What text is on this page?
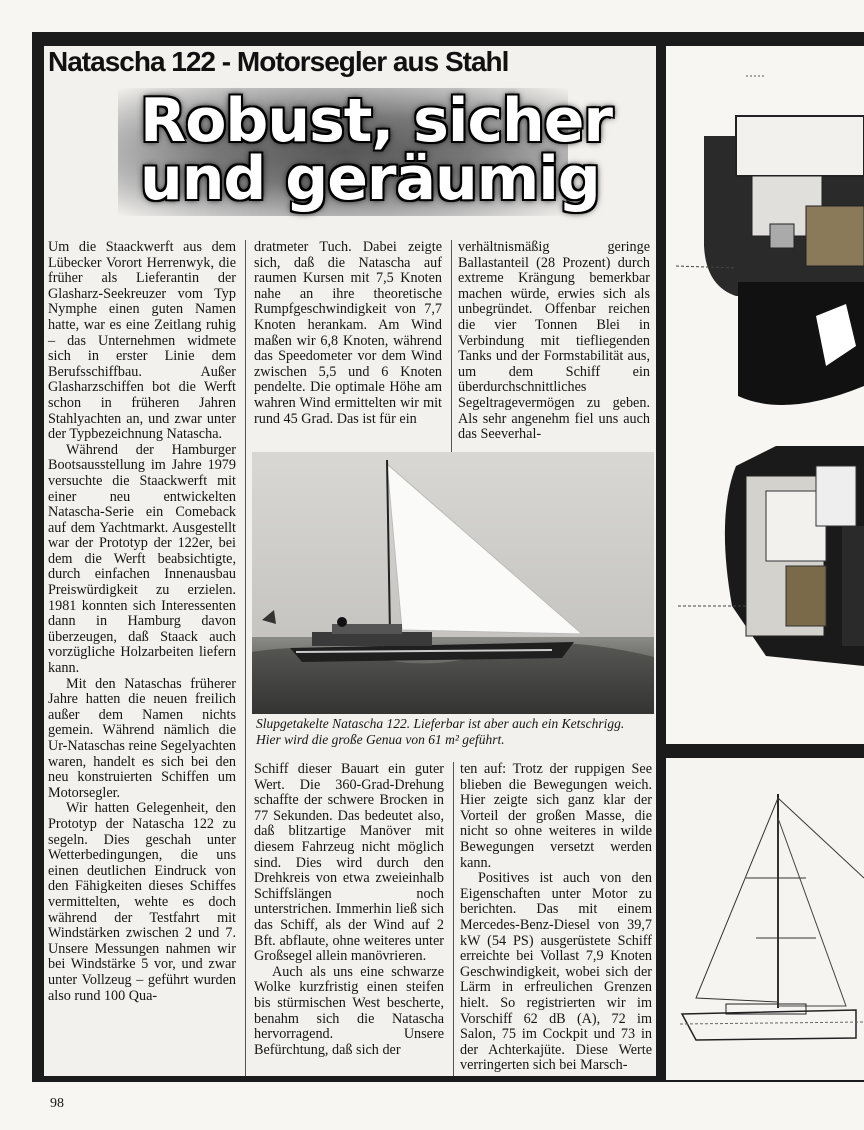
Natascha 122 - Motorsegler aus Stahl
Robust, sicher
und geräumig

Um die Staackwerft aus dem Lübecker Vorort Herrenwyk, die früher als Lieferantin der Glasharz-Seekreuzer vom Typ Nymphe einen guten Namen hatte, war es eine Zeitlang ruhig – das Unternehmen widmete sich in erster Linie dem Berufsschiffbau. Außer Glasharzschiffen bot die Werft schon in früheren Jahren Stahlyachten an, und zwar unter der Typbezeichnung Natascha.

Während der Hamburger Bootsausstellung im Jahre 1979 versuchte die Staackwerft mit einer neu entwickelten Natascha-Serie ein Comeback auf dem Yachtmarkt. Ausgestellt war der Prototyp der 122er, bei dem die Werft beabsichtigte, durch einfachen Innenausbau Preiswürdigkeit zu erzielen. 1981 konnten sich Interessenten dann in Hamburg davon überzeugen, daß Staack auch vorzügliche Holzarbeiten liefern kann.

Mit den Nataschas früherer Jahre hatten die neuen freilich außer dem Namen nichts gemein. Während nämlich die Ur-Nataschas reine Segelyachten waren, handelt es sich bei den neu konstruierten Schiffen um Motorsegler.

Wir hatten Gelegenheit, den Prototyp der Natascha 122 zu segeln. Dies geschah unter Wetterbedingungen, die uns einen deutlichen Eindruck von den Fähigkeiten dieses Schiffes vermittelten, wehte es doch während der Testfahrt mit Windstärken zwischen 2 und 7. Unsere Messungen nahmen wir bei Windstärke 5 vor, und zwar unter Vollzeug – geführt wurden also rund 100 Qua-

dratmeter Tuch. Dabei zeigte sich, daß die Natascha auf raumen Kursen mit 7,5 Knoten nahe an ihre theoretische Rumpfgeschwindigkeit von 7,7 Knoten herankam. Am Wind maßen wir 6,8 Knoten, während das Speedometer vor dem Wind zwischen 5,5 und 6 Knoten pendelte. Die optimale Höhe am wahren Wind ermittelten wir mit rund 45 Grad. Das ist für ein

verhältnismäßig geringe Ballastanteil (28 Prozent) durch extreme Krängung bemerkbar machen würde, erwies sich als unbegründet. Offenbar reichen die vier Tonnen Blei in Verbindung mit tiefliegenden Tanks und der Formstabilität aus, um dem Schiff ein überdurchschnittliches Segeltragevermögen zu geben. Als sehr angenehm fiel uns auch das Seeverhal-

Slupgetakelte Natascha 122. Lieferbar ist aber auch ein Ketschrigg. Hier wird die große Genua von 61 m² geführt.

Schiff dieser Bauart ein guter Wert. Die 360-Grad-Drehung schaffte der schwere Brocken in 77 Sekunden. Das bedeutet also, daß blitzartige Manöver mit diesem Fahrzeug nicht möglich sind. Dies wird durch den Drehkreis von etwa zweieinhalb Schiffslängen noch unterstrichen. Immerhin ließ sich das Schiff, als der Wind auf 2 Bft. abflaute, ohne weiteres unter Großsegel allein manövrieren.

Auch als uns eine schwarze Wolke kurzfristig einen steifen bis stürmischen West bescherte, benahm sich die Natascha hervorragend. Unsere Befürchtung, daß sich der

ten auf: Trotz der ruppigen See blieben die Bewegungen weich. Hier zeigte sich ganz klar der Vorteil der großen Masse, die nicht so ohne weiteres in wilde Bewegungen versetzt werden kann.

Positives ist auch von den Eigenschaften unter Motor zu berichten. Das mit einem Mercedes-Benz-Diesel von 39,7 kW (54 PS) ausgerüstete Schiff erreichte bei Vollast 7,9 Knoten Geschwindigkeit, wobei sich der Lärm in erfreulichen Grenzen hielt. So registrierten wir im Vorschiff 62 dB (A), 72 im Salon, 75 im Cockpit und 73 in der Achterkajüte. Diese Werte verringerten sich bei Marsch-

98
